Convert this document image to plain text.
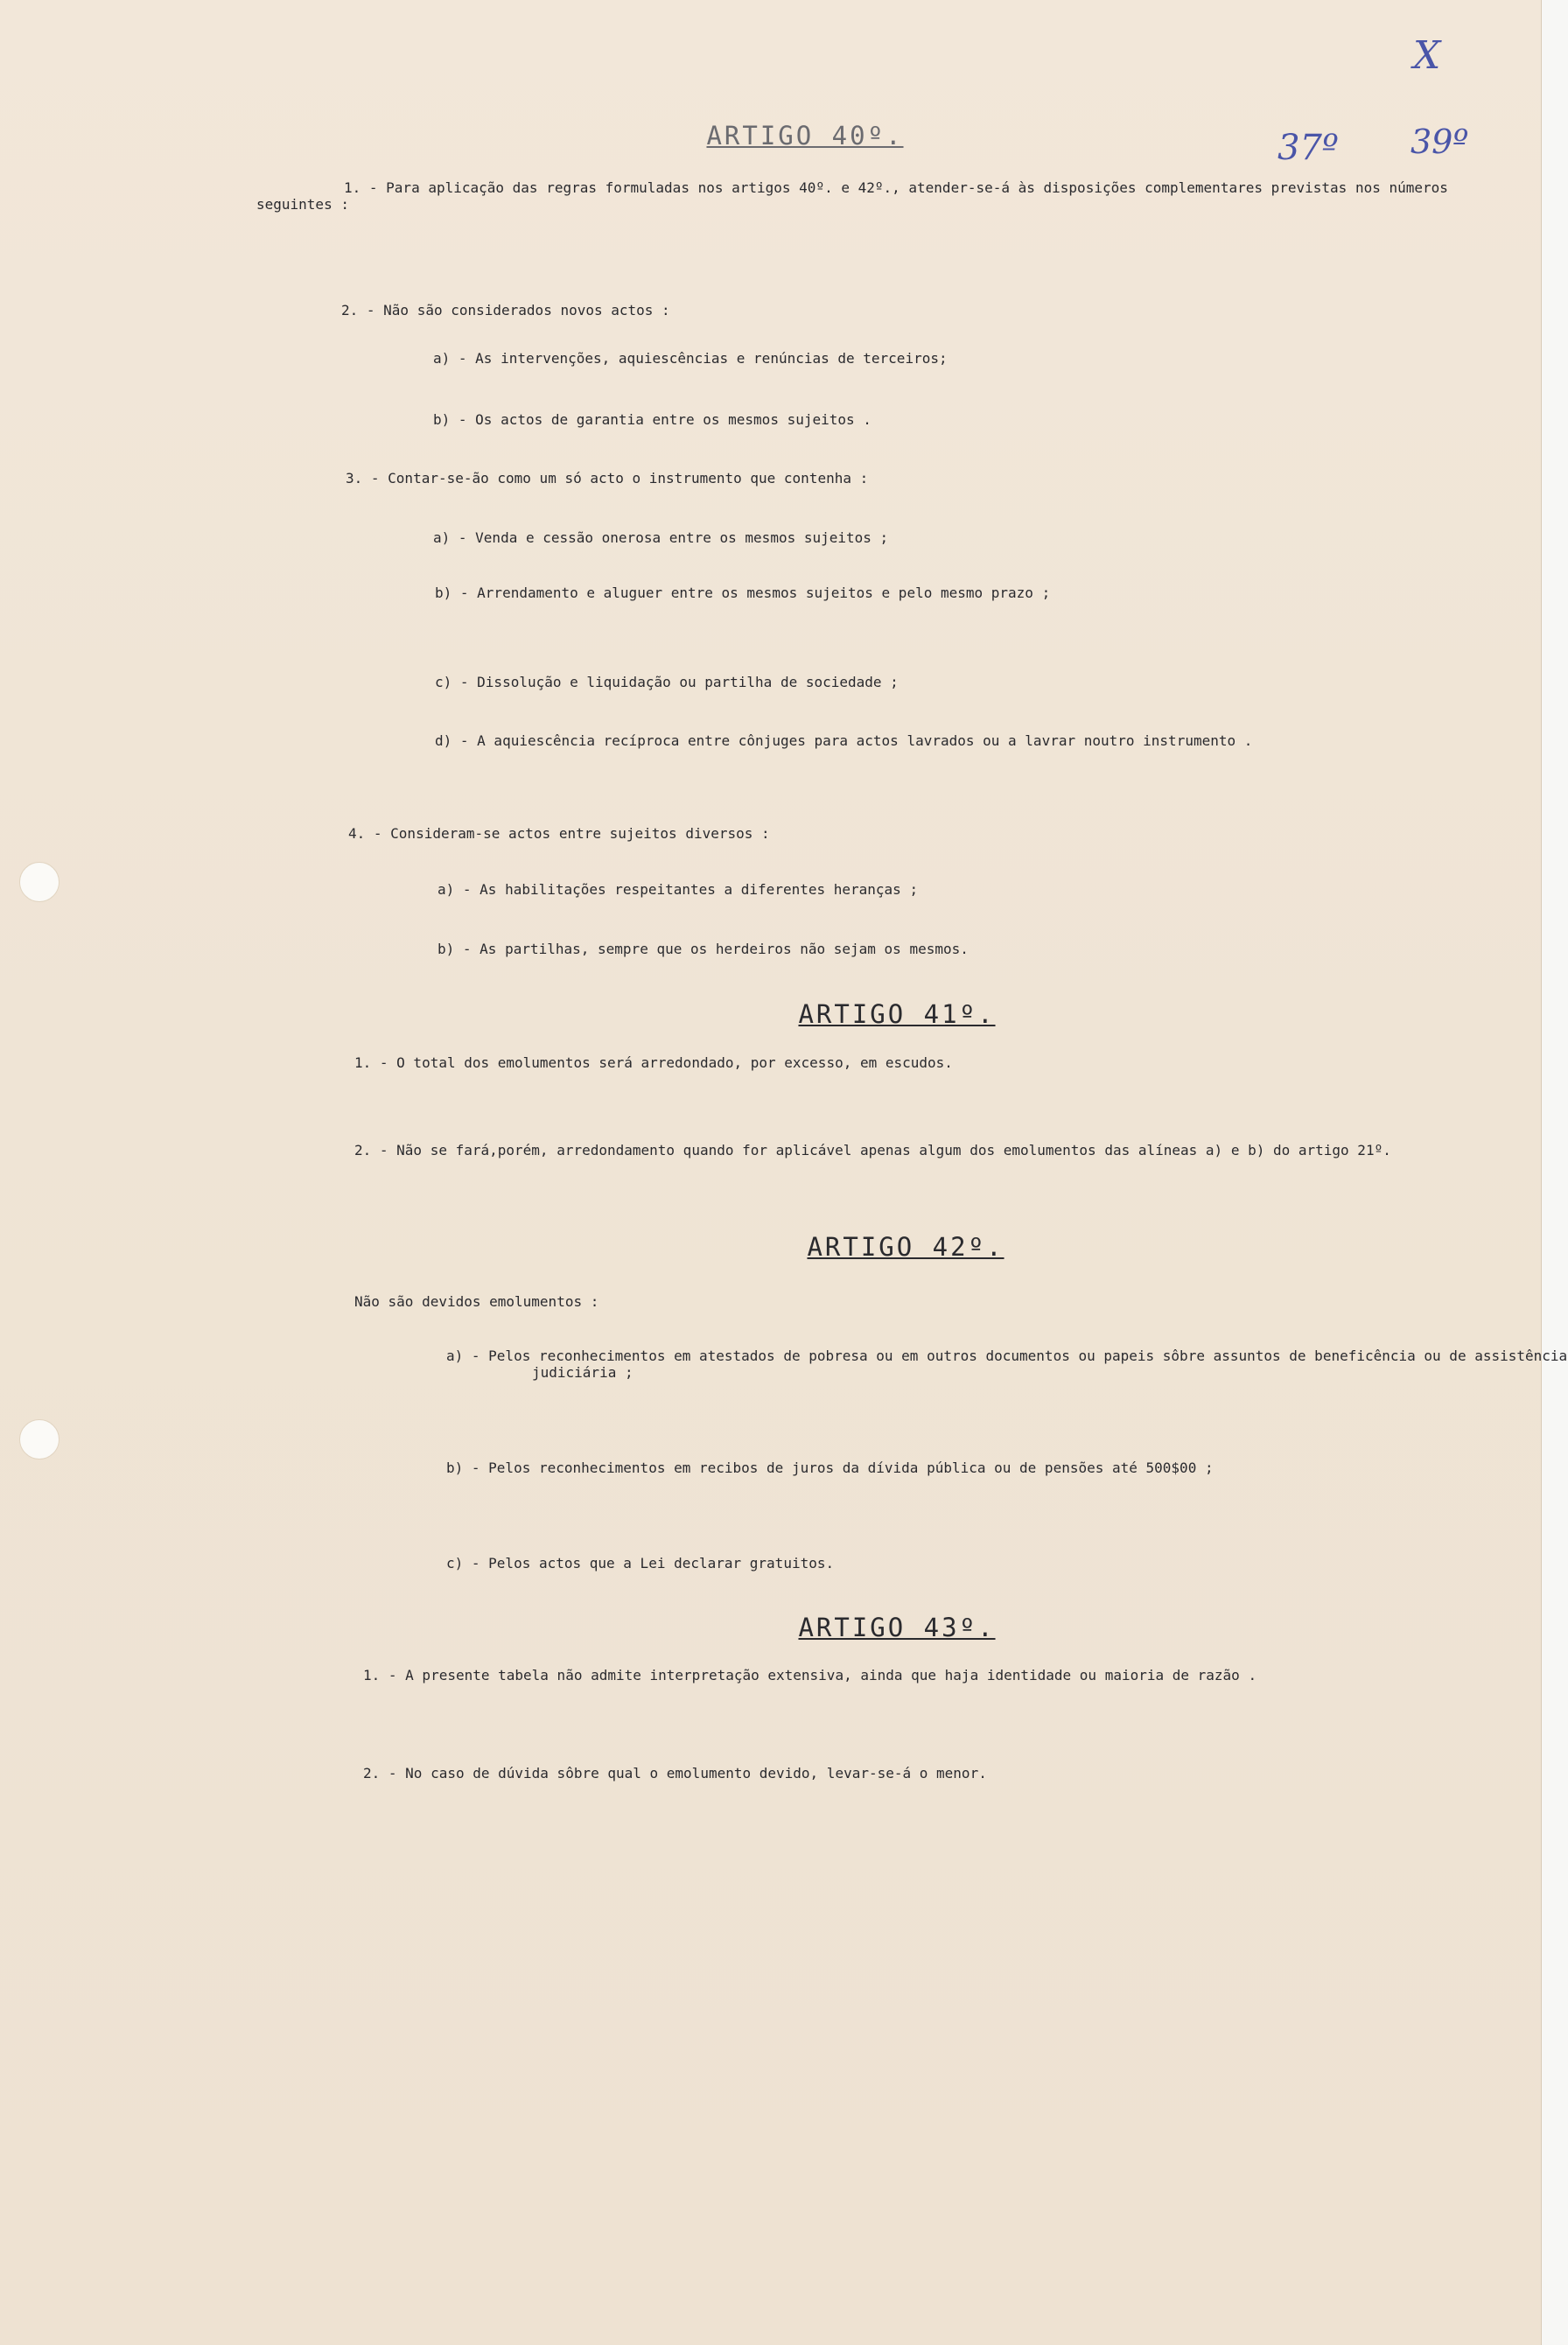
X
37º 39º
ARTIGO 40º.
1. - Para aplicação das regras formuladas nos artigos 40º. e 42º., atender-se-á às disposições complementares previstas nos números seguintes :
2. - Não são considerados novos actos :
a) - As intervenções, aquiescências e renúncias de terceiros;
b) - Os actos de garantia entre os mesmos sujeitos .
3. - Contar-se-ão como um só acto o instrumento que contenha :
a) - Venda e cessão onerosa entre os mesmos sujeitos ;
b) - Arrendamento e aluguer entre os mesmos sujeitos e pelo mesmo prazo ;
c) - Dissolução e liquidação ou partilha de sociedade ;
d) - A aquiescência recíproca entre cônjuges para actos lavrados ou a lavrar noutro instrumento .
4. - Consideram-se actos entre sujeitos diversos :
a) - As habilitações respeitantes a diferentes heranças ;
b) - As partilhas, sempre que os herdeiros não sejam os mesmos.
ARTIGO 41º.
1. - O total dos emolumentos será arredondado, por excesso, em escudos.
2. - Não se fará,porém, arredondamento quando for aplicável apenas algum dos emolumentos das alíneas a) e b) do artigo 21º.
ARTIGO 42º.
Não são devidos emolumentos :
a) - Pelos reconhecimentos em atestados de pobresa ou em outros documentos ou papeis sôbre assuntos de beneficência ou de assistência judiciária ;
b) - Pelos reconhecimentos em recibos de juros da dívida pública ou de pensões até 500$00 ;
c) - Pelos actos que a Lei declarar gratuitos.
ARTIGO 43º.
1. - A presente tabela não admite interpretação extensiva, ainda que haja identidade ou maioria de razão .
2. - No caso de dúvida sôbre qual o emolumento devido, levar-se-á o menor.
